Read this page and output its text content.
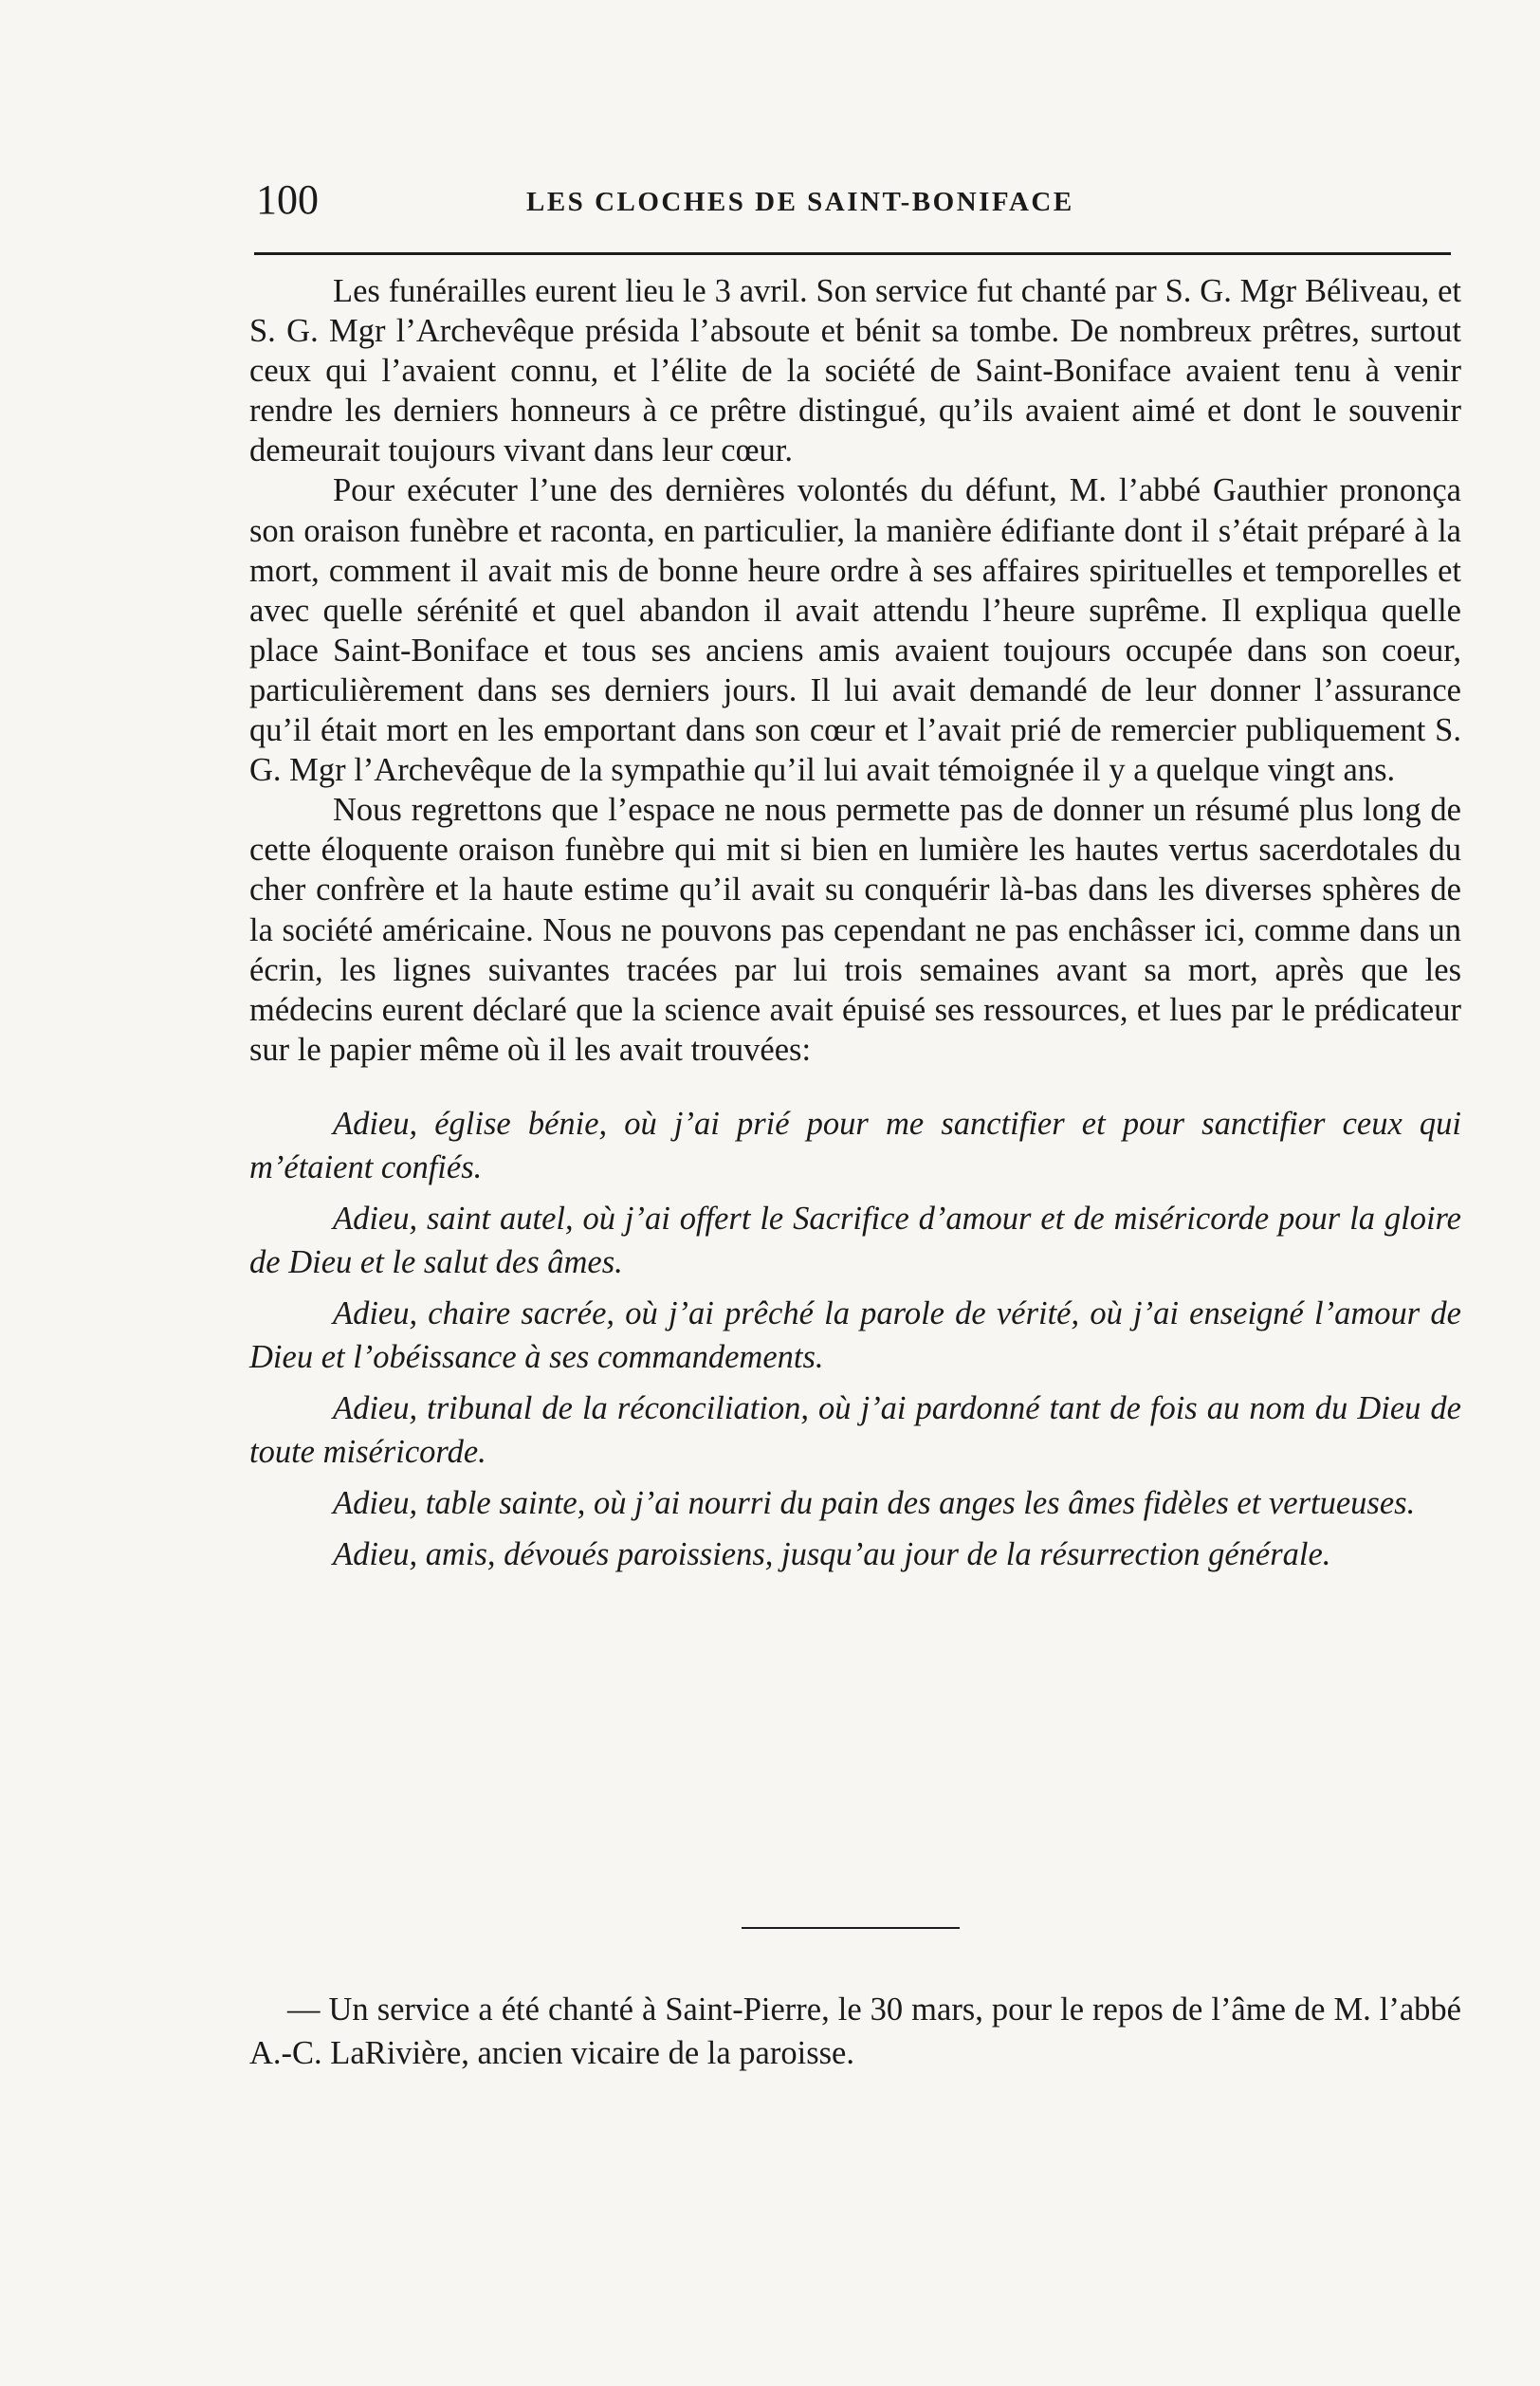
100	LES CLOCHES DE SAINT-BONIFACE

Les funérailles eurent lieu le 3 avril. Son service fut chanté par S. G. Mgr Béliveau, et S. G. Mgr l’Archevêque présida l’absoute et bénit sa tombe. De nombreux prêtres, surtout ceux qui l’avaient connu, et l’élite de la société de Saint-Boniface avaient tenu à venir rendre les derniers honneurs à ce prêtre distingué, qu’ils avaient aimé et dont le souvenir demeurait toujours vivant dans leur cœur.

Pour exécuter l’une des dernières volontés du défunt, M. l’abbé Gauthier prononça son oraison funèbre et raconta, en particulier, la manière édifiante dont il s’était préparé à la mort, comment il avait mis de bonne heure ordre à ses affaires spirituelles et temporelles et avec quelle sérénité et quel abandon il avait attendu l’heure suprême. Il expliqua quelle place Saint-Boniface et tous ses anciens amis avaient toujours occupée dans son coeur, particulièrement dans ses derniers jours. Il lui avait demandé de leur donner l’assurance qu’il était mort en les emportant dans son cœur et l’avait prié de remercier publiquement S. G. Mgr l’Archevêque de la sympathie qu’il lui avait témoignée il y a quelque vingt ans.

Nous regrettons que l’espace ne nous permette pas de donner un résumé plus long de cette éloquente oraison funèbre qui mit si bien en lumière les hautes vertus sacerdotales du cher confrère et la haute estime qu’il avait su conquérir là-bas dans les diverses sphères de la société américaine. Nous ne pouvons pas cependant ne pas enchâsser ici, comme dans un écrin, les lignes suivantes tracées par lui trois semaines avant sa mort, après que les médecins eurent déclaré que la science avait épuisé ses ressources, et lues par le prédicateur sur le papier même où il les avait trouvées:

Adieu, église bénie, où j’ai prié pour me sanctifier et pour sanctifier ceux qui m’étaient confiés.

Adieu, saint autel, où j’ai offert le Sacrifice d’amour et de miséricorde pour la gloire de Dieu et le salut des âmes.

Adieu, chaire sacrée, où j’ai prêché la parole de vérité, où j’ai enseigné l’amour de Dieu et l’obéissance à ses commandements.

Adieu, tribunal de la réconciliation, où j’ai pardonné tant de fois au nom du Dieu de toute miséricorde.

Adieu, table sainte, où j’ai nourri du pain des anges les âmes fidèles et vertueuses.

Adieu, amis, dévoués paroissiens, jusqu’au jour de la résurrection générale.

— Un service a été chanté à Saint-Pierre, le 30 mars, pour le repos de l’âme de M. l’abbé A.-C. LaRivière, ancien vicaire de la paroisse.
